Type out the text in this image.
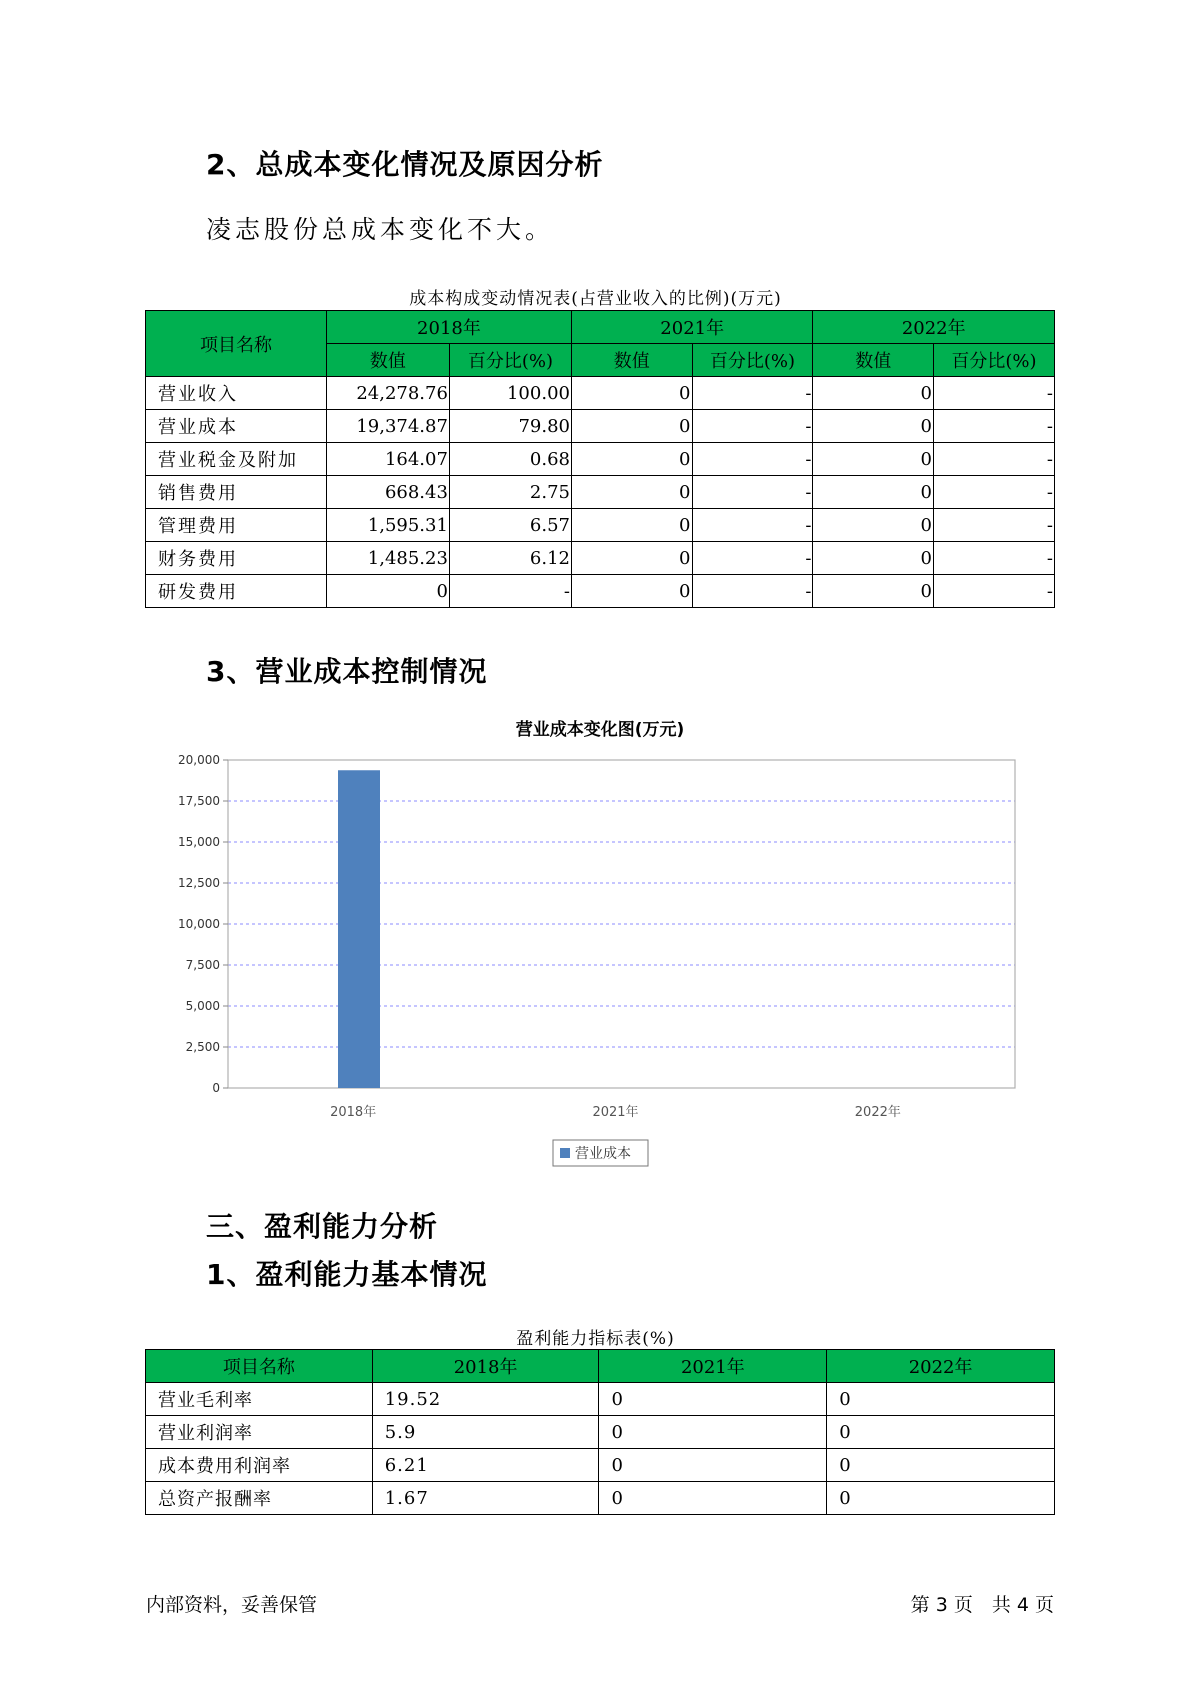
2、总成本变化情况及原因分析
凌志股份总成本变化不大。
成本构成变动情况表(占营业收入的比例)(万元)
项目名称	2018年		2021年		2022年	
	数值	百分比(%)	数值	百分比(%)	数值	百分比(%)
营业收入	24,278.76	100.00	0	-	0	-
营业成本	19,374.87	79.80	0	-	0	-
营业税金及附加	164.07	0.68	0	-	0	-
销售费用	668.43	2.75	0	-	0	-
管理费用	1,595.31	6.57	0	-	0	-
财务费用	1,485.23	6.12	0	-	0	-
研发费用	0	-	0	-	0	-
3、营业成本控制情况
营业成本变化图(万元)
20,000
17,500
15,000
12,500
10,000
7,500
5,000
2,500
0
2018年	2021年	2022年
营业成本
三、盈利能力分析
1、盈利能力基本情况
盈利能力指标表(%)
项目名称	2018年	2021年	2022年
营业毛利率	19.52	0	0
营业利润率	5.9	0	0
成本费用利润率	6.21	0	0
总资产报酬率	1.67	0	0
内部资料，妥善保管	第 3 页　共 4 页
